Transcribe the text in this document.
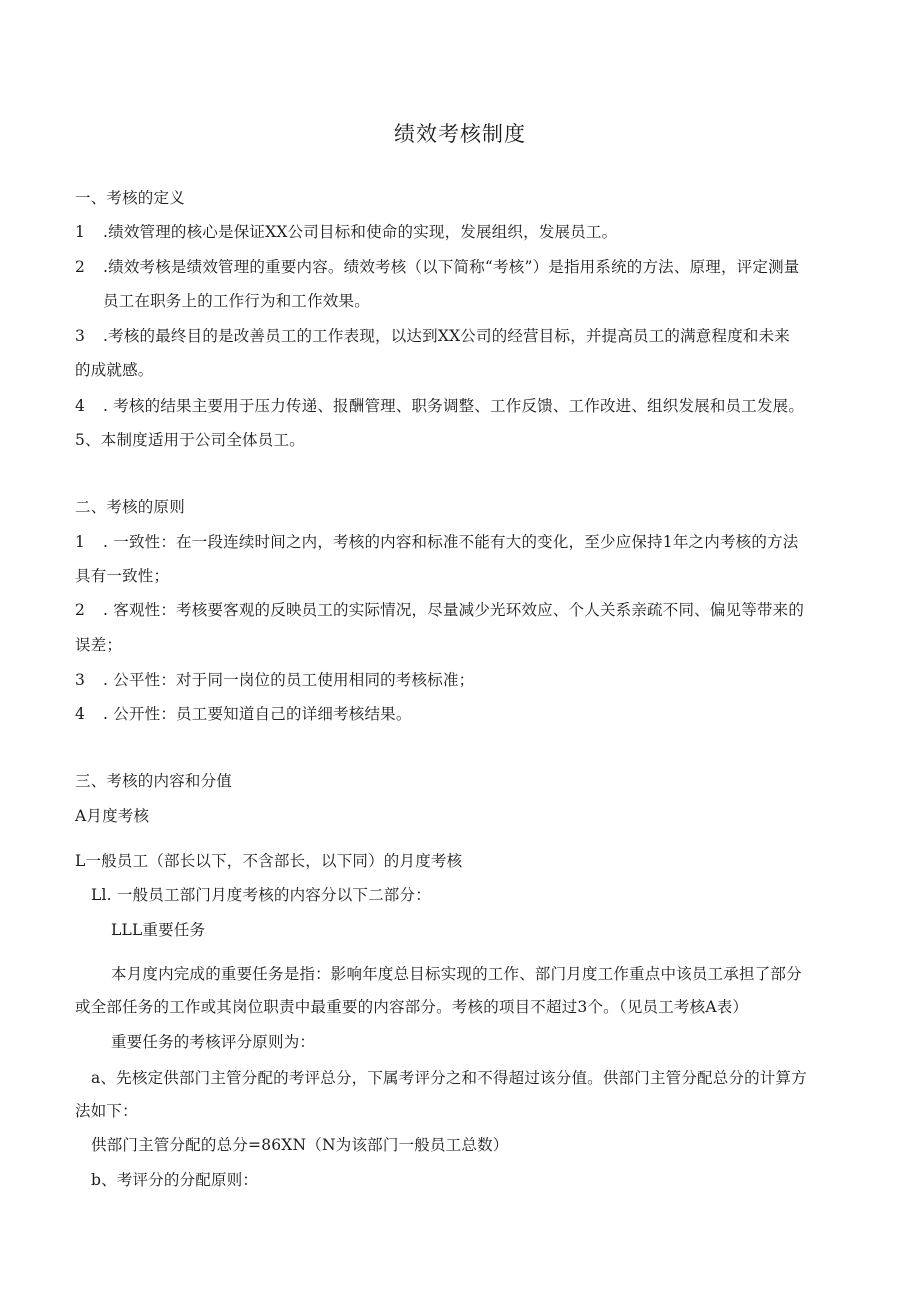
绩效考核制度

一、考核的定义

1 .绩效管理的核心是保证XX公司目标和使命的实现，发展组织，发展员工。

2 .绩效考核是绩效管理的重要内容。绩效考核（以下简称“考核”）是指用系统的方法、原理，评定测量

员工在职务上的工作行为和工作效果。

3 .考核的最终目的是改善员工的工作表现，以达到XX公司的经营目标，并提高员工的满意程度和未来

的成就感。

4 . 考核的结果主要用于压力传递、报酬管理、职务调整、工作反馈、工作改进、组织发展和员工发展。

5、本制度适用于公司全体员工。

二、考核的原则

1 . 一致性：在一段连续时间之内，考核的内容和标准不能有大的变化，至少应保持1年之内考核的方法

具有一致性；

2 . 客观性：考核要客观的反映员工的实际情况，尽量减少光环效应、个人关系亲疏不同、偏见等带来的

误差；

3 . 公平性：对于同一岗位的员工使用相同的考核标准；

4 . 公开性：员工要知道自己的详细考核结果。

三、考核的内容和分值

A月度考核

L一般员工（部长以下，不含部长，以下同）的月度考核

Ll. 一般员工部门月度考核的内容分以下二部分：

LLL重要任务

本月度内完成的重要任务是指：影响年度总目标实现的工作、部门月度工作重点中该员工承担了部分

或全部任务的工作或其岗位职责中最重要的内容部分。考核的项目不超过3个。（见员工考核A表）

重要任务的考核评分原则为：

a、先核定供部门主管分配的考评总分，下属考评分之和不得超过该分值。供部门主管分配总分的计算方

法如下：

供部门主管分配的总分=86XN（N为该部门一般员工总数）

b、考评分的分配原则：
